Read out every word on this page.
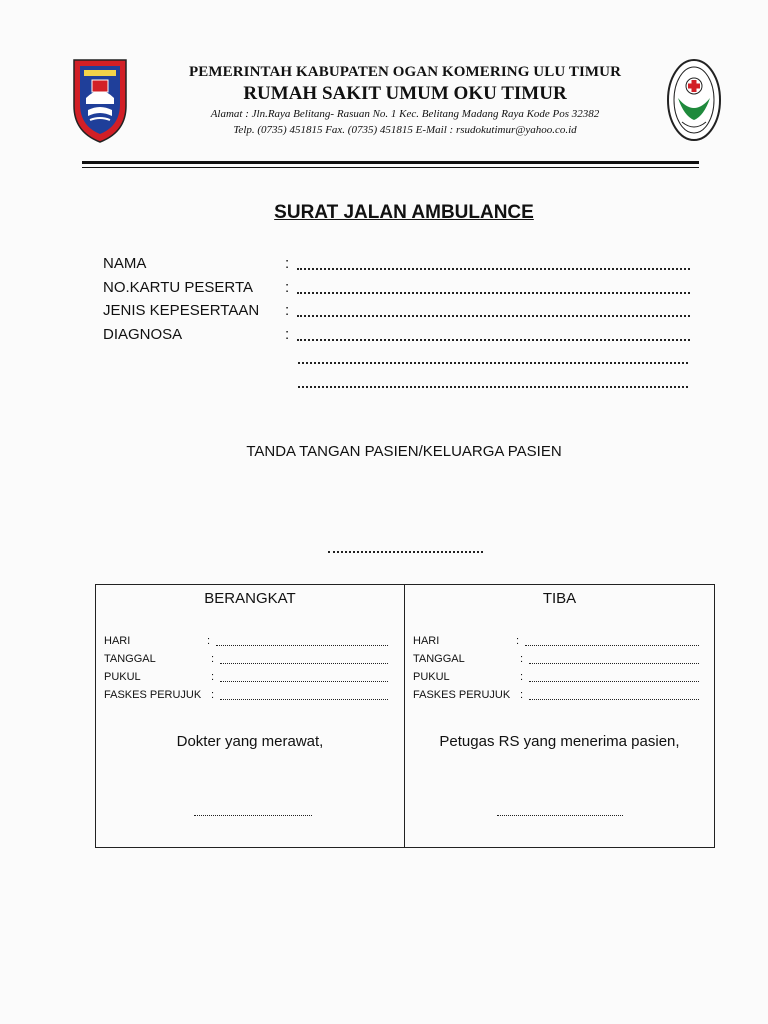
PEMERINTAH KABUPATEN OGAN KOMERING ULU TIMUR
RUMAH SAKIT UMUM OKU TIMUR
Alamat : Jln.Raya Belitang- Rasuan No. 1 Kec. Belitang Madang Raya Kode Pos 32382
Telp. (0735) 451815 Fax. (0735) 451815 E-Mail : rsudokutimur@yahoo.co.id
SURAT JALAN AMBULANCE
NAMA	:
NO.KARTU PESERTA :
JENIS KEPESERTAAN :
DIAGNOSA	:
TANDA TANGAN PASIEN/KELUARGA PASIEN
BERANGKAT
HARI	:
TANGGAL	:
PUKUL	:
FASKES PERUJUK :
Dokter yang merawat,
TIBA
HARI	:
TANGGAL	:
PUKUL	:
FASKES PERUJUK :
Petugas RS yang menerima pasien,
